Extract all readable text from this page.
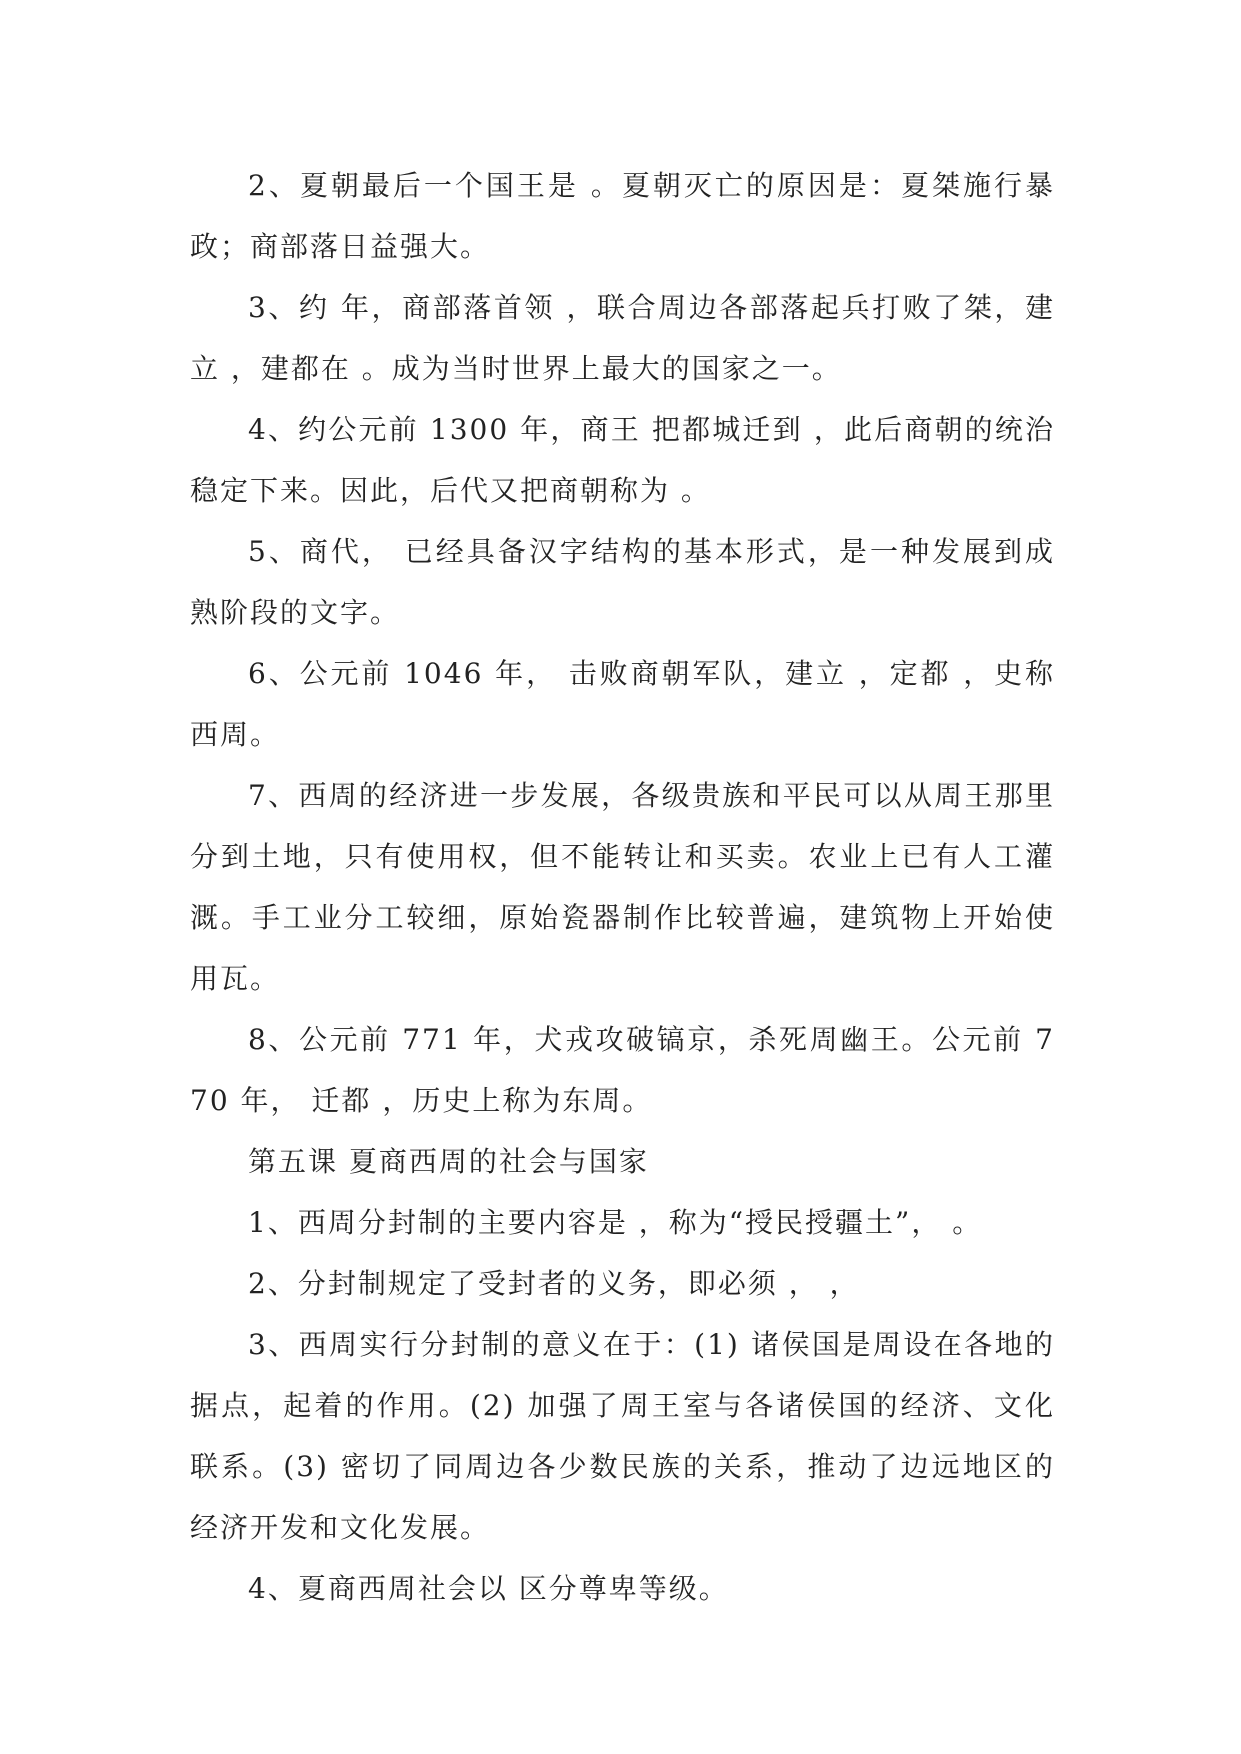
2、夏朝最后一个国王是 。夏朝灭亡的原因是：夏桀施行暴政；商部落日益强大。

3、约 年，商部落首领 ，联合周边各部落起兵打败了桀，建立 ，建都在 。成为当时世界上最大的国家之一。

4、约公元前 1300 年，商王 把都城迁到 ，此后商朝的统治稳定下来。因此，后代又把商朝称为 。

5、商代， 已经具备汉字结构的基本形式，是一种发展到成熟阶段的文字。

6、公元前 1046 年， 击败商朝军队，建立 ，定都 ，史称西周。

7、西周的经济进一步发展，各级贵族和平民可以从周王那里分到土地，只有使用权，但不能转让和买卖。农业上已有人工灌溉。手工业分工较细，原始瓷器制作比较普遍，建筑物上开始使用瓦。

8、公元前 771 年，犬戎攻破镐京，杀死周幽王。公元前 770 年， 迁都 ，历史上称为东周。

第五课 夏商西周的社会与国家

1、西周分封制的主要内容是 ，称为“授民授疆土”， 。

2、分封制规定了受封者的义务，即必须 ， ，

3、西周实行分封制的意义在于：(1) 诸侯国是周设在各地的据点，起着的作用。(2) 加强了周王室与各诸侯国的经济、文化联系。(3) 密切了同周边各少数民族的关系，推动了边远地区的经济开发和文化发展。

4、夏商西周社会以 区分尊卑等级。
